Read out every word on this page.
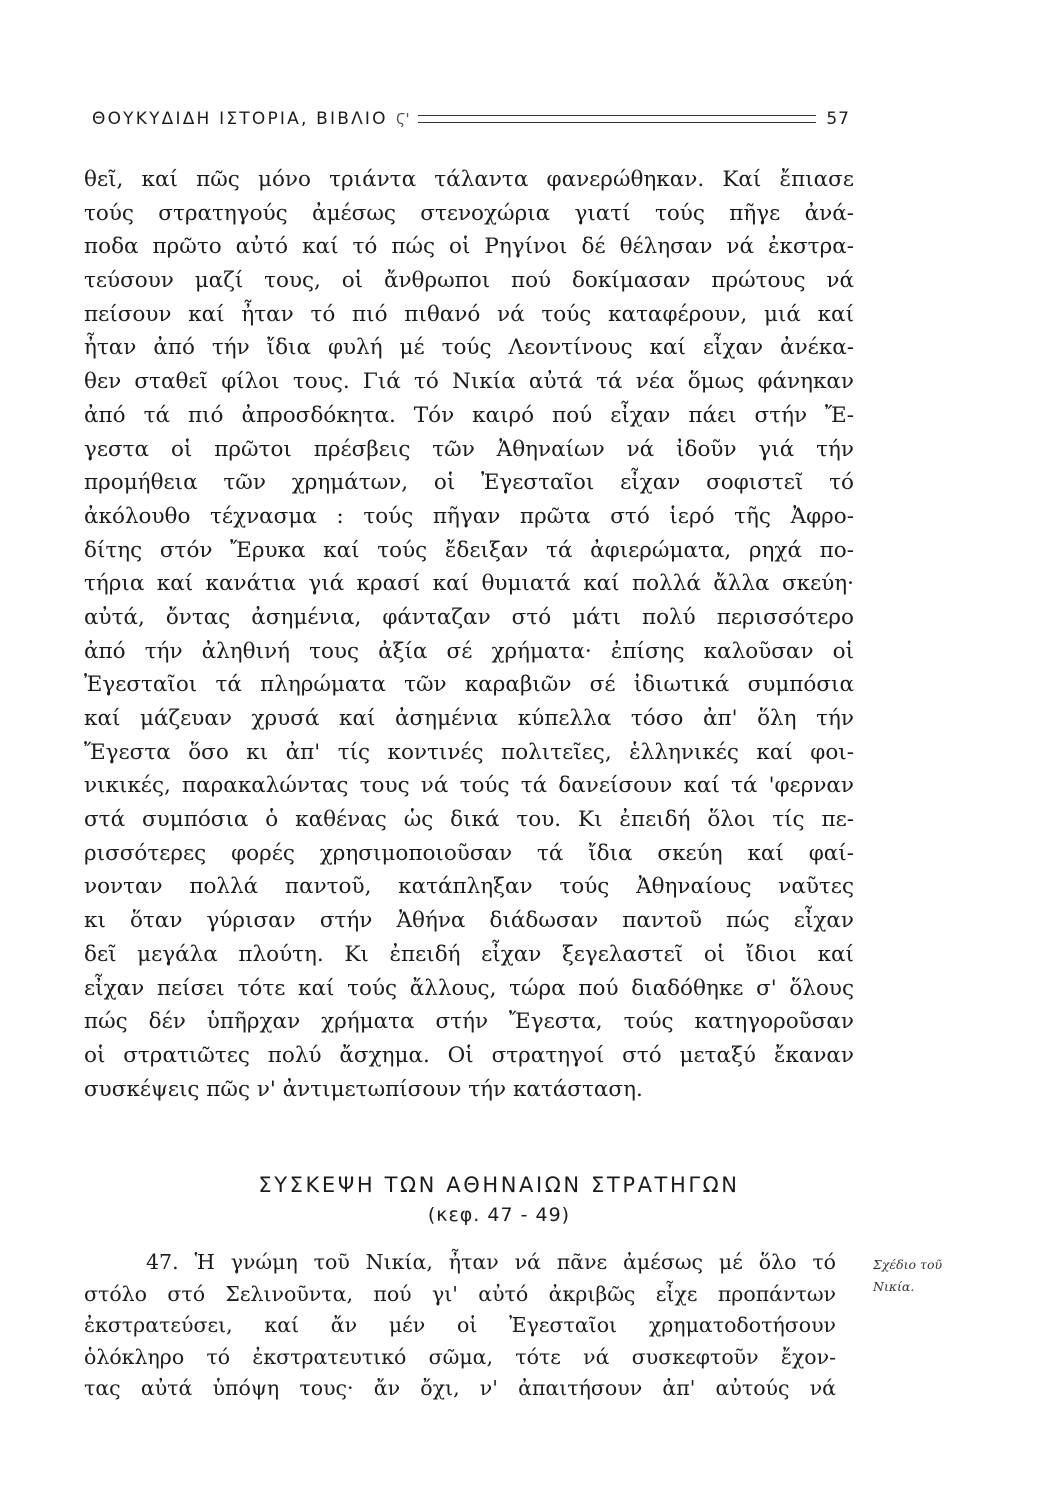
ΘΟΥΚΥΔΙΔΗ ΙΣΤΟΡΙΑ, ΒΙΒΛΙΟ Ϛ'	57
θεῖ, καί πῶς μόνο τριάντα τάλαντα φανερώθηκαν. Καί ἔπιασε
τούς στρατηγούς ἀμέσως στενοχώρια γιατί τούς πῆγε ἀνά-
ποδα πρῶτο αὐτό καί τό πώς οἱ Ρηγίνοι δέ θέλησαν νά ἐκστρα-
τεύσουν μαζί τους, οἱ ἄνθρωποι πού δοκίμασαν πρώτους νά
πείσουν καί ἦταν τό πιό πιθανό νά τούς καταφέρουν, μιά καί
ἦταν ἀπό τήν ἴδια φυλή μέ τούς Λεοντίνους καί εἶχαν ἀνέκα-
θεν σταθεῖ φίλοι τους. Γιά τό Νικία αὐτά τά νέα ὅμως φάνηκαν
ἀπό τά πιό ἀπροσδόκητα. Τόν καιρό πού εἶχαν πάει στήν Ἔ-
γεστα οἱ πρῶτοι πρέσβεις τῶν Ἀθηναίων νά ἰδοῦν γιά τήν
προμήθεια τῶν χρημάτων, οἱ Ἐγεσταῖοι εἶχαν σοφιστεῖ τό
ἀκόλουθο τέχνασμα : τούς πῆγαν πρῶτα στό ἱερό τῆς Ἀφρο-
δίτης στόν Ἔρυκα καί τούς ἔδειξαν τά ἀφιερώματα, ρηχά πο-
τήρια καί κανάτια γιά κρασί καί θυμιατά καί πολλά ἄλλα σκεύη·
αὐτά, ὄντας ἀσημένια, φάνταζαν στό μάτι πολύ περισσότερο
ἀπό τήν ἀληθινή τους ἀξία σέ χρήματα· ἐπίσης καλοῦσαν οἱ
Ἐγεσταῖοι τά πληρώματα τῶν καραβιῶν σέ ἰδιωτικά συμπόσια
καί μάζευαν χρυσά καί ἀσημένια κύπελλα τόσο ἀπ' ὅλη τήν
Ἔγεστα ὅσο κι ἀπ' τίς κοντινές πολιτεῖες, ἑλληνικές καί φοι-
νικικές, παρακαλώντας τους νά τούς τά δανείσουν καί τά 'φερναν
στά συμπόσια ὁ καθένας ὡς δικά του. Κι ἐπειδή ὅλοι τίς πε-
ρισσότερες φορές χρησιμοποιοῦσαν τά ἴδια σκεύη καί φαί-
νονταν πολλά παντοῦ, κατάπληξαν τούς Ἀθηναίους ναῦτες
κι ὅταν γύρισαν στήν Ἀθήνα διάδωσαν παντοῦ πώς εἶχαν
δεῖ μεγάλα πλούτη. Κι ἐπειδή εἶχαν ξεγελαστεῖ οἱ ἴδιοι καί
εἶχαν πείσει τότε καί τούς ἄλλους, τώρα πού διαδόθηκε σ' ὅλους
πώς δέν ὑπῆρχαν χρήματα στήν Ἔγεστα, τούς κατηγοροῦσαν
οἱ στρατιῶτες πολύ ἄσχημα. Οἱ στρατηγοί στό μεταξύ ἔκαναν
συσκέψεις πῶς ν' ἀντιμετωπίσουν τήν κατάσταση.
ΣΥΣΚΕΨΗ ΤΩΝ ΑΘΗΝΑΙΩΝ ΣΤΡΑΤΗΓΩΝ
(κεφ. 47 - 49)
47. Ἡ γνώμη τοῦ Νικία, ἦταν νά πᾶνε ἀμέσως μέ ὅλο τό
στόλο στό Σελινοῦντα, πού γι' αὐτό ἀκριβῶς εἶχε προπάντων
ἐκστρατεύσει, καί ἄν μέν οἱ Ἐγεσταῖοι χρηματοδοτήσουν
ὁλόκληρο τό ἐκστρατευτικό σῶμα, τότε νά συσκεφτοῦν ἔχον-
τας αὐτά ὑπόψη τους· ἄν ὄχι, ν' ἀπαιτήσουν ἀπ' αὐτούς νά
Σχέδιο τοῦ
Νικία.
